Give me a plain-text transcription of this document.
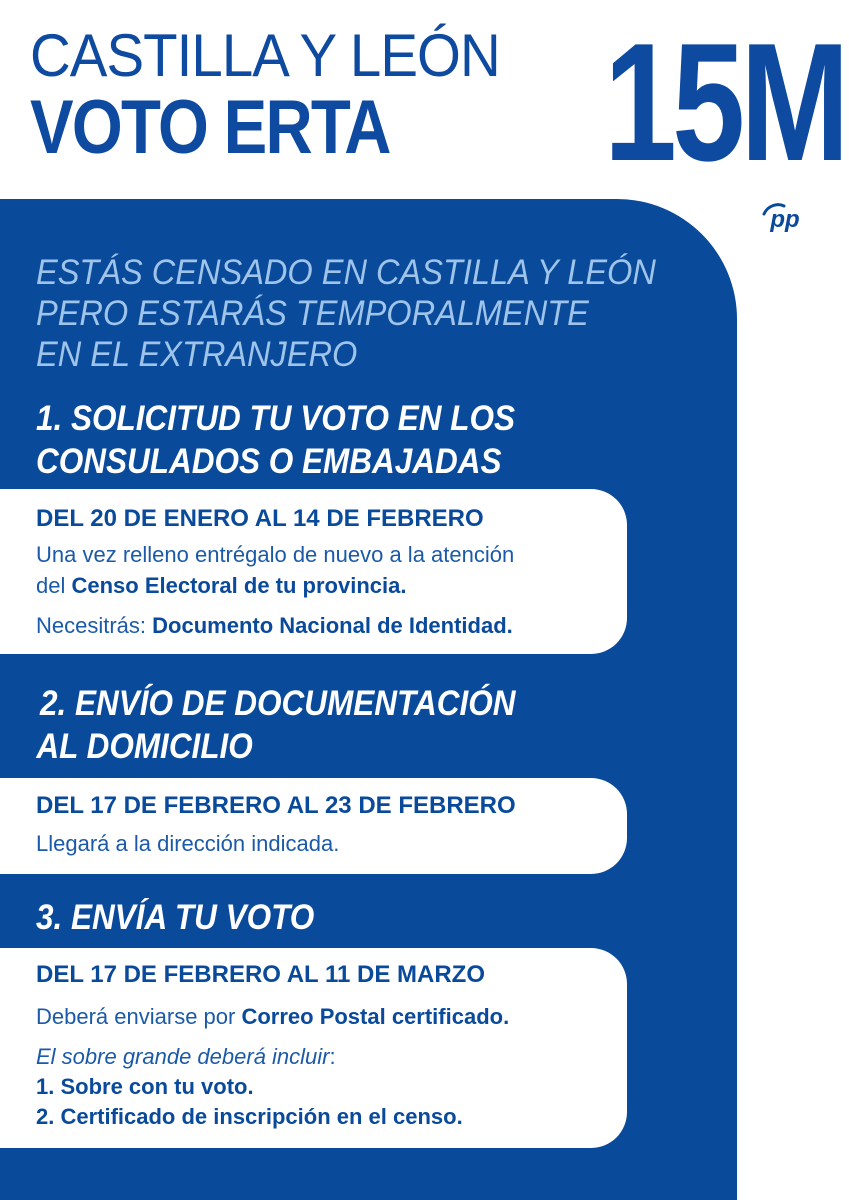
CASTILLA Y LEÓN
VOTO ERTA 15M
pp
ESTÁS CENSADO EN CASTILLA Y LEÓN
PERO ESTARÁS TEMPORALMENTE
EN EL EXTRANJERO
1. SOLICITUD TU VOTO EN LOS
CONSULADOS O EMBAJADAS
DEL 20 DE ENERO AL 14 DE FEBRERO
Una vez relleno entrégalo de nuevo a la atención
del Censo Electoral de tu provincia.
Necesitrás: Documento Nacional de Identidad.
2. ENVÍO DE DOCUMENTACIÓN
AL DOMICILIO
DEL 17 DE FEBRERO AL 23 DE FEBRERO
Llegará a la dirección indicada.
3. ENVÍA TU VOTO
DEL 17 DE FEBRERO AL 11 DE MARZO
Deberá enviarse por Correo Postal certificado.
El sobre grande deberá incluir:
1. Sobre con tu voto.
2. Certificado de inscripción en el censo.
